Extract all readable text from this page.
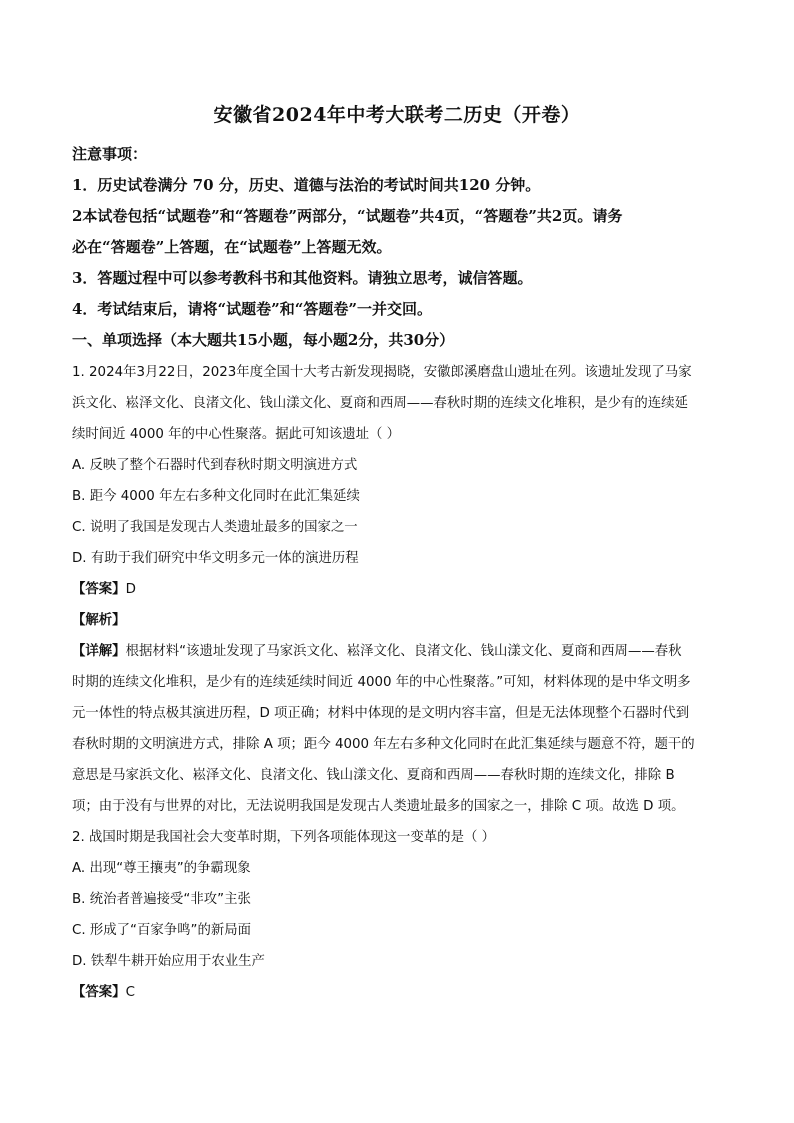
安徽省2024年中考大联考二历史（开卷）
注意事项：
1．历史试卷满分 70 分，历史、道德与法治的考试时间共120 分钟。
2本试卷包括“试题卷”和“答题卷”两部分，“试题卷”共4页，“答题卷”共2页。请务
必在“答题卷”上答题，在“试题卷”上答题无效。
3．答题过程中可以参考教科书和其他资料。请独立思考，诚信答题。
4．考试结束后，请将“试题卷”和“答题卷”一并交回。
一、单项选择（本大题共15小题，每小题2分，共30分）
1. 2024年3月22日，2023年度全国十大考古新发现揭晓，安徽郎溪磨盘山遗址在列。该遗址发现了马家
浜文化、崧泽文化、良渚文化、钱山漾文化、夏商和西周——春秋时期的连续文化堆积，是少有的连续延
续时间近 4000 年的中心性聚落。据此可知该遗址（ ）
A. 反映了整个石器时代到春秋时期文明演进方式
B. 距今 4000 年左右多种文化同时在此汇集延续
C. 说明了我国是发现古人类遗址最多的国家之一
D. 有助于我们研究中华文明多元一体的演进历程
【答案】D
【解析】
【详解】根据材料“该遗址发现了马家浜文化、崧泽文化、良渚文化、钱山漾文化、夏商和西周——春秋
时期的连续文化堆积，是少有的连续延续时间近 4000 年的中心性聚落。”可知，材料体现的是中华文明多
元一体性的特点极其演进历程，D 项正确；材料中体现的是文明内容丰富，但是无法体现整个石器时代到
春秋时期的文明演进方式，排除 A 项；距今 4000 年左右多种文化同时在此汇集延续与题意不符，题干的
意思是马家浜文化、崧泽文化、良渚文化、钱山漾文化、夏商和西周——春秋时期的连续文化，排除 B
项；由于没有与世界的对比，无法说明我国是发现古人类遗址最多的国家之一，排除 C 项。故选 D 项。
2. 战国时期是我国社会大变革时期，下列各项能体现这一变革的是（ ）
A. 出现“尊王攘夷”的争霸现象
B. 统治者普遍接受“非攻”主张
C. 形成了“百家争鸣”的新局面
D. 铁犁牛耕开始应用于农业生产
【答案】C
